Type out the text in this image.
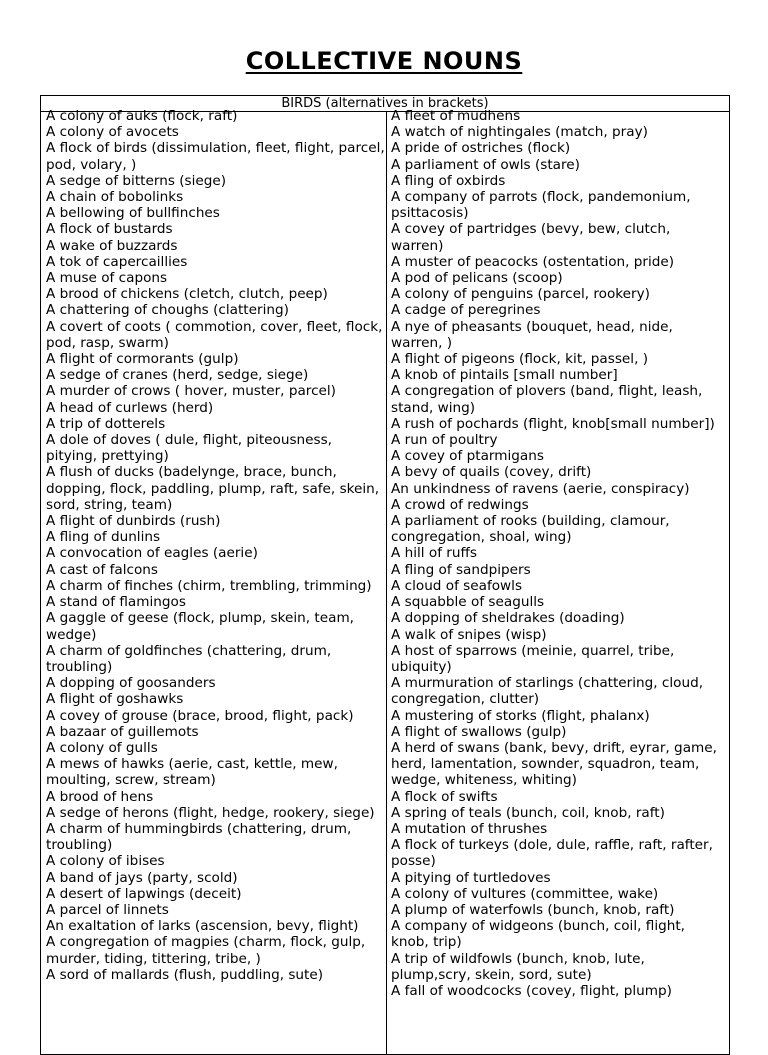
COLLECTIVE NOUNS
BIRDS (alternatives in brackets)
A colony of auks (flock, raft)
A colony of avocets
A flock of birds (dissimulation, fleet, flight, parcel, pod, volary, )
A sedge of bitterns (siege)
A chain of bobolinks
A bellowing of bullfinches
A flock of bustards
A wake of buzzards
A tok of capercaillies
A muse of capons
A brood of chickens (cletch, clutch, peep)
A chattering of choughs (clattering)
A covert of coots ( commotion, cover, fleet, flock, pod, rasp, swarm)
A flight of cormorants (gulp)
A sedge of cranes (herd, sedge, siege)
A murder of crows ( hover, muster, parcel)
A head of curlews (herd)
A trip of dotterels
A dole of doves ( dule, flight, piteousness, pitying, prettying)
A flush of ducks (badelynge, brace, bunch, dopping, flock, paddling, plump, raft, safe, skein, sord, string, team)
A flight of dunbirds (rush)
A fling of dunlins
A convocation of eagles (aerie)
A cast of falcons
A charm of finches (chirm, trembling, trimming)
A stand of flamingos
A gaggle of geese (flock, plump, skein, team, wedge)
A charm of goldfinches (chattering, drum, troubling)
A dopping of goosanders
A flight of goshawks
A covey of grouse (brace, brood, flight, pack)
A bazaar of guillemots
A colony of gulls
A mews of hawks (aerie, cast, kettle, mew, moulting, screw, stream)
A brood of hens
A sedge of herons (flight, hedge, rookery, siege)
A charm of hummingbirds (chattering, drum, troubling)
A colony of ibises
A band of jays (party, scold)
A desert of lapwings (deceit)
A parcel of linnets
An exaltation of larks (ascension, bevy, flight)
A congregation of magpies (charm, flock, gulp, murder, tiding, tittering, tribe, )
A sord of mallards (flush, puddling, sute)
A fleet of mudhens
A watch of nightingales (match, pray)
A pride of ostriches (flock)
A parliament of owls (stare)
A fling of oxbirds
A company of parrots (flock, pandemonium, psittacosis)
A covey of partridges (bevy, bew, clutch, warren)
A muster of peacocks (ostentation, pride)
A pod of pelicans (scoop)
A colony of penguins (parcel, rookery)
A cadge of peregrines
A nye of pheasants (bouquet, head, nide, warren, )
A flight of pigeons (flock, kit, passel, )
A knob of pintails [small number]
A congregation of plovers (band, flight, leash, stand, wing)
A rush of pochards (flight, knob[small number])
A run of poultry
A covey of ptarmigans
A bevy of quails (covey, drift)
An unkindness of ravens (aerie, conspiracy)
A crowd of redwings
A parliament of rooks (building, clamour, congregation, shoal, wing)
A hill of ruffs
A fling of sandpipers
A cloud of seafowls
A squabble of seagulls
A dopping of sheldrakes (doading)
A walk of snipes (wisp)
A host of sparrows (meinie, quarrel, tribe, ubiquity)
A murmuration of starlings (chattering, cloud, congregation, clutter)
A mustering of storks (flight, phalanx)
A flight of swallows (gulp)
A herd of swans (bank, bevy, drift, eyrar, game, herd, lamentation, sownder, squadron, team, wedge, whiteness, whiting)
A flock of swifts
A spring of teals (bunch, coil, knob, raft)
A mutation of thrushes
A flock of turkeys (dole, dule, raffle, raft, rafter, posse)
A pitying of turtledoves
A colony of vultures (committee, wake)
A plump of waterfowls (bunch, knob, raft)
A company of widgeons (bunch, coil, flight, knob, trip)
A trip of wildfowls (bunch, knob, lute, plump,scry, skein, sord, sute)
A fall of woodcocks (covey, flight, plump)
